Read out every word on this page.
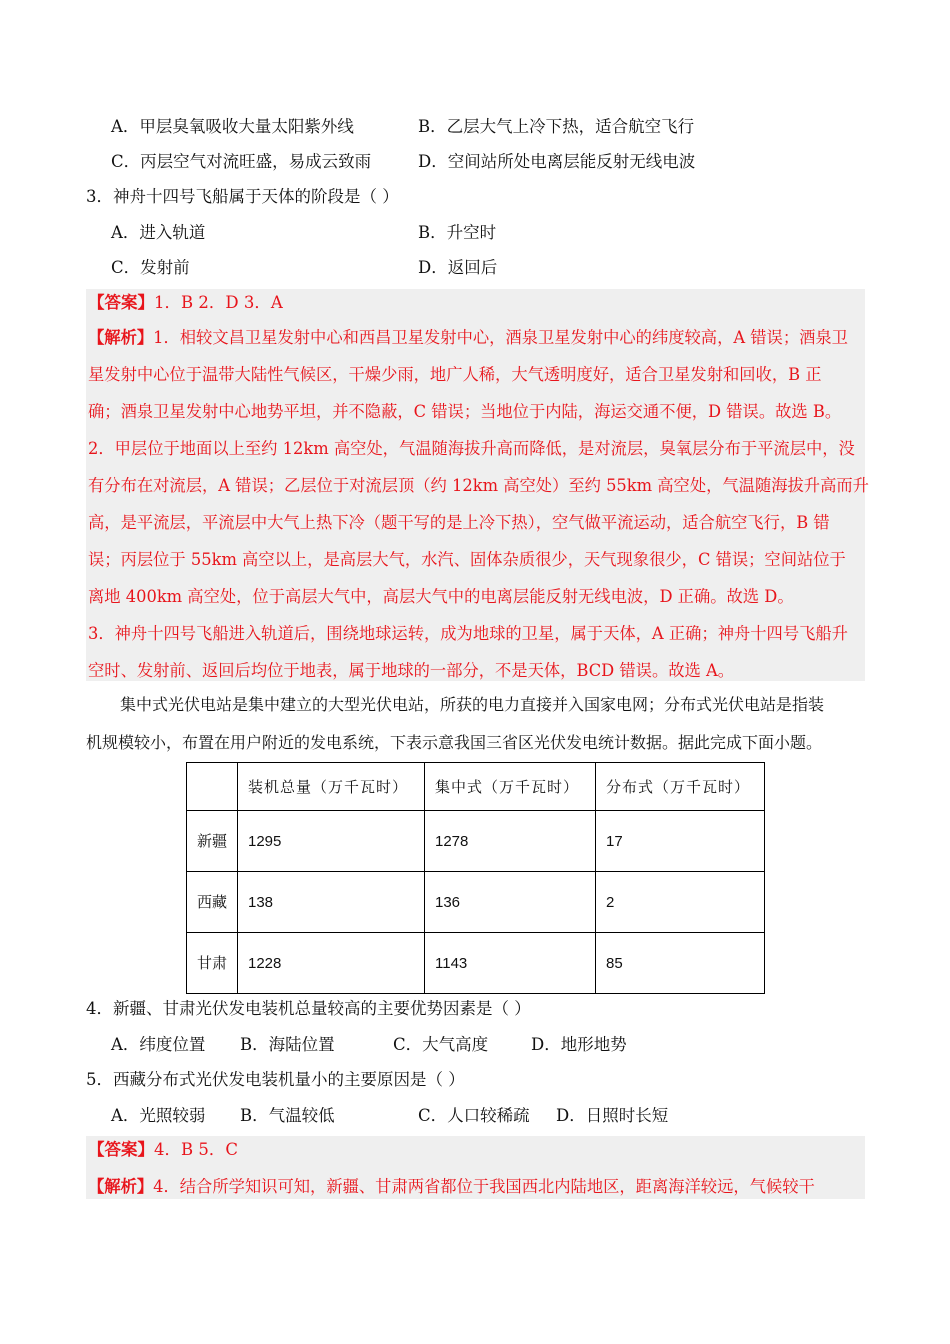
A．甲层臭氧吸收大量太阳紫外线	B．乙层大气上冷下热，适合航空飞行
C．丙层空气对流旺盛，易成云致雨	D．空间站所处电离层能反射无线电波
3．神舟十四号飞船属于天体的阶段是（ ）
A．进入轨道	B．升空时
C．发射前	D．返回后
【答案】1．B 2．D 3．A
【解析】1．相较文昌卫星发射中心和西昌卫星发射中心，酒泉卫星发射中心的纬度较高，A 错误；酒泉卫
星发射中心位于温带大陆性气候区，干燥少雨，地广人稀，大气透明度好，适合卫星发射和回收，B 正
确；酒泉卫星发射中心地势平坦，并不隐蔽，C 错误；当地位于内陆，海运交通不便，D 错误。故选 B。
2．甲层位于地面以上至约 12km 高空处，气温随海拔升高而降低，是对流层，臭氧层分布于平流层中，没
有分布在对流层，A 错误；乙层位于对流层顶（约 12km 高空处）至约 55km 高空处，气温随海拔升高而升
高，是平流层，平流层中大气上热下冷（题干写的是上冷下热），空气做平流运动，适合航空飞行，B 错
误；丙层位于 55km 高空以上，是高层大气，水汽、固体杂质很少，天气现象很少，C 错误；空间站位于
离地 400km 高空处，位于高层大气中，高层大气中的电离层能反射无线电波，D 正确。故选 D。
3．神舟十四号飞船进入轨道后，围绕地球运转，成为地球的卫星，属于天体，A 正确；神舟十四号飞船升
空时、发射前、返回后均位于地表，属于地球的一部分，不是天体，BCD 错误。故选 A。
集中式光伏电站是集中建立的大型光伏电站，所获的电力直接并入国家电网；分布式光伏电站是指装
机规模较小，布置在用户附近的发电系统，下表示意我国三省区光伏发电统计数据。据此完成下面小题。
	装机总量（万千瓦时）	集中式（万千瓦时）	分布式（万千瓦时）
新疆	1295	1278	17
西藏	138	136	2
甘肃	1228	1143	85
4．新疆、甘肃光伏发电装机总量较高的主要优势因素是（ ）
A．纬度位置 B．海陆位置	C．大气高度	D．地形地势
5．西藏分布式光伏发电装机量小的主要原因是（ ）
A．光照较弱 B．气温较低	C．人口较稀疏 D．日照时长短
【答案】4．B 5．C
【解析】4．结合所学知识可知，新疆、甘肃两省都位于我国西北内陆地区，距离海洋较远，气候较干
